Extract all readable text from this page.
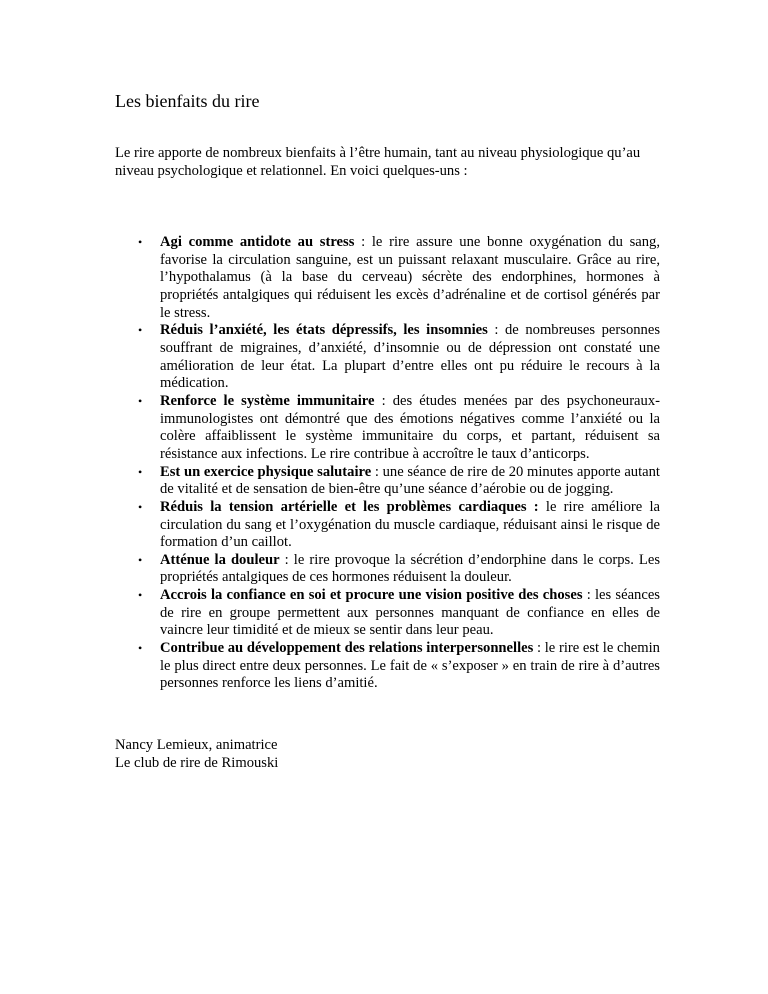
Les bienfaits du rire
Le rire apporte de nombreux bienfaits à l’être humain, tant au niveau physiologique qu’au niveau psychologique et relationnel. En voici quelques-uns :
• Agi comme antidote au stress : le rire assure une bonne oxygénation du sang, favorise la circulation sanguine, est un puissant relaxant musculaire. Grâce au rire, l’hypothalamus (à la base du cerveau) sécrète des endorphines, hormones à propriétés antalgiques qui réduisent les excès d’adrénaline et de cortisol générés par le stress.
• Réduis l’anxiété, les états dépressifs, les insomnies : de nombreuses personnes souffrant de migraines, d’anxiété, d’insomnie ou de dépression ont constaté une amélioration de leur état. La plupart d’entre elles ont pu réduire le recours à la médication.
• Renforce le système immunitaire : des études menées par des psychoneuraux-immunologistes ont démontré que des émotions négatives comme l’anxiété ou la colère affaiblissent le système immunitaire du corps, et partant, réduisent sa résistance aux infections. Le rire contribue à accroître le taux d’anticorps.
• Est un exercice physique salutaire : une séance de rire de 20 minutes apporte autant de vitalité et de sensation de bien-être qu’une séance d’aérobie ou de jogging.
• Réduis la tension artérielle et les problèmes cardiaques : le rire améliore la circulation du sang et l’oxygénation du muscle cardiaque, réduisant ainsi le risque de formation d’un caillot.
• Atténue la douleur : le rire provoque la sécrétion d’endorphine dans le corps. Les propriétés antalgiques de ces hormones réduisent la douleur.
• Accrois la confiance en soi et procure une vision positive des choses : les séances de rire en groupe permettent aux personnes manquant de confiance en elles de vaincre leur timidité et de mieux se sentir dans leur peau.
• Contribue au développement des relations interpersonnelles : le rire est le chemin le plus direct entre deux personnes. Le fait de « s’exposer » en train de rire à d’autres personnes renforce les liens d’amitié.
Nancy Lemieux, animatrice
Le club de rire de Rimouski
